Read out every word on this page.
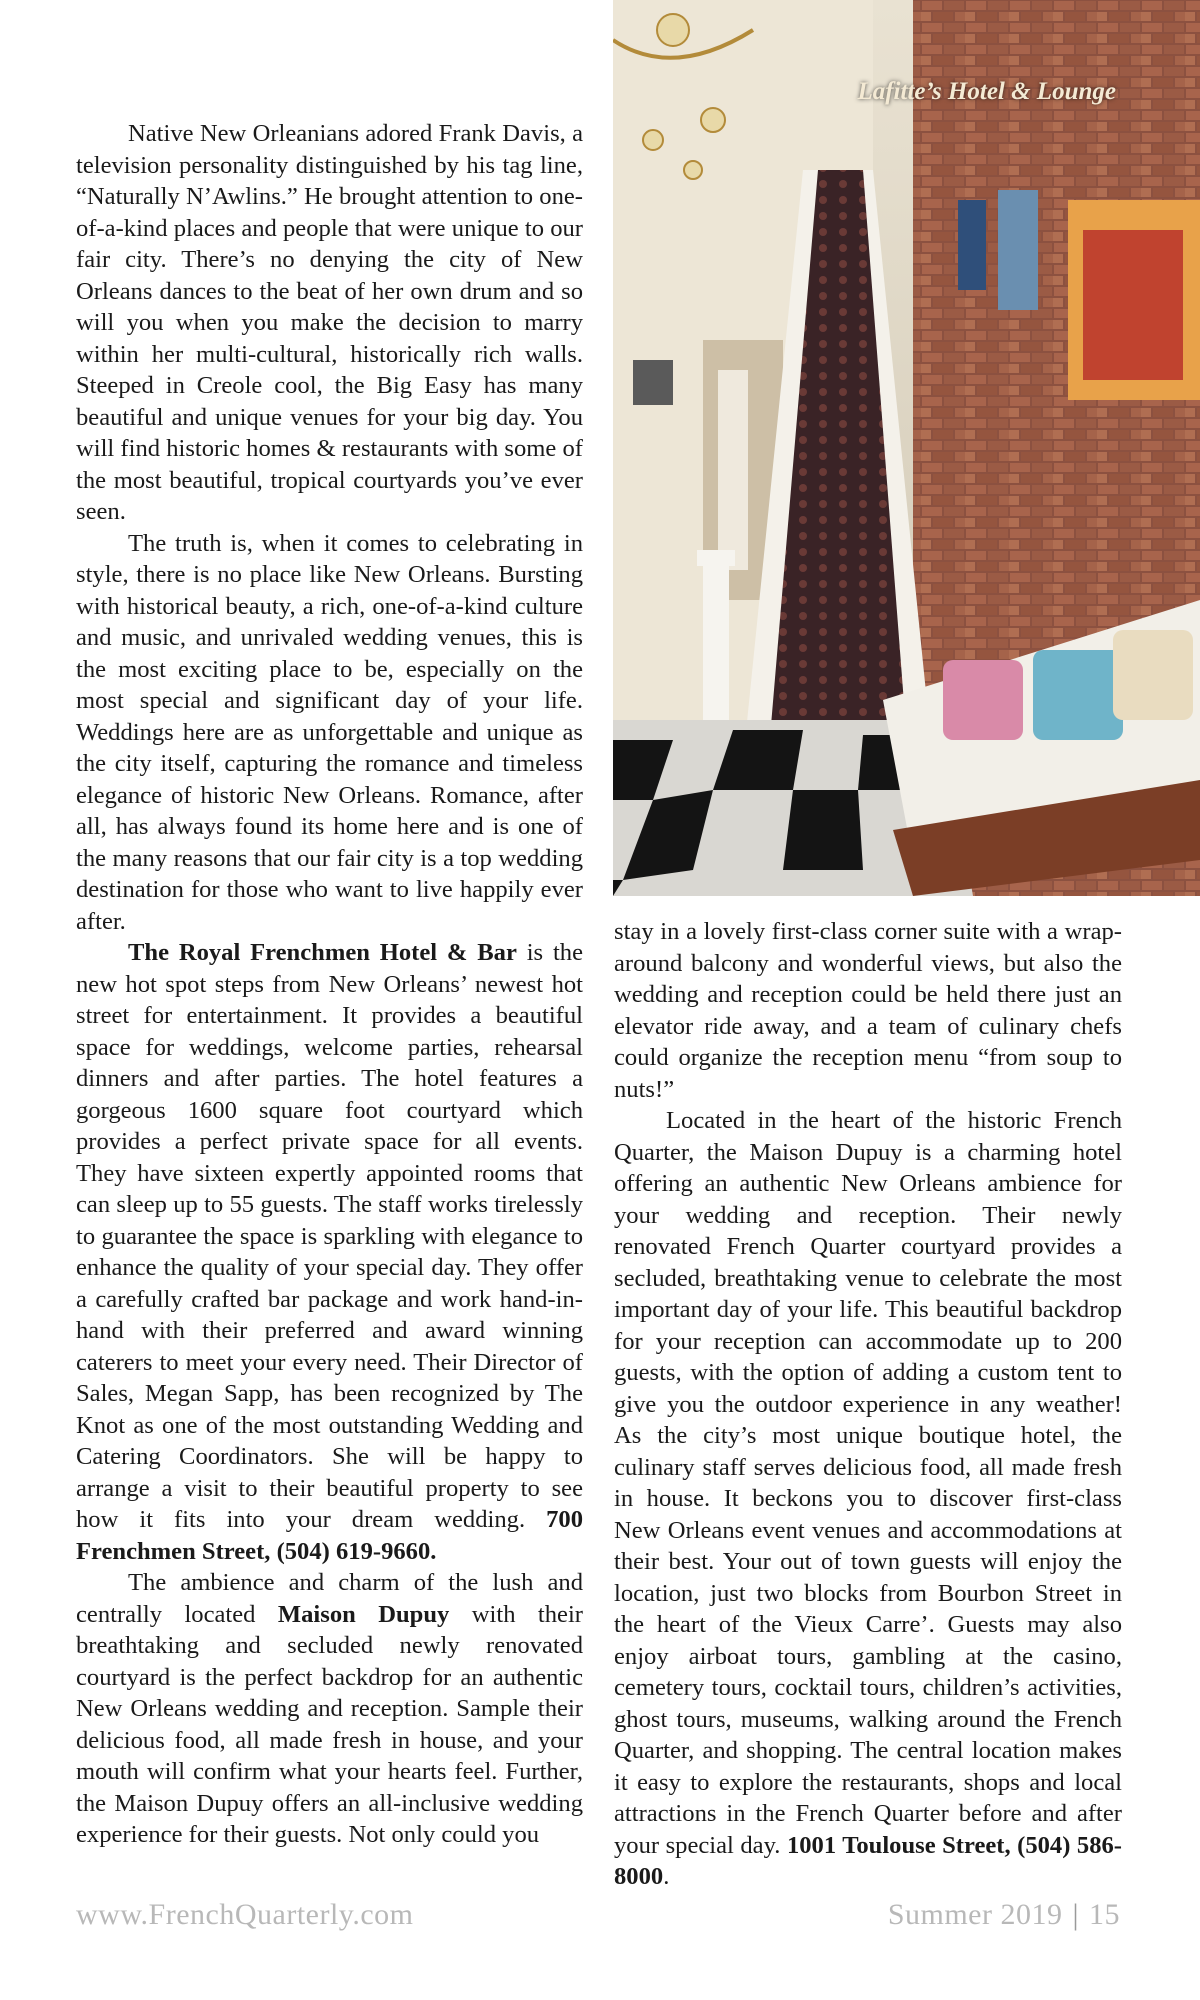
Native New Orleanians adored Frank Davis, a television personality distinguished by his tag line, “Naturally N’Awlins.” He brought attention to one-of-a-kind places and people that were unique to our fair city. There’s no denying the city of New Orleans dances to the beat of her own drum and so will you when you make the decision to marry within her multi-cultural, historically rich walls. Steeped in Creole cool, the Big Easy has many beautiful and unique venues for your big day. You will find historic homes & restaurants with some of the most beautiful, tropical courtyards you’ve ever seen.

The truth is, when it comes to celebrating in style, there is no place like New Orleans. Bursting with historical beauty, a rich, one-of-a-kind culture and music, and unrivaled wedding venues, this is the most exciting place to be, especially on the most special and significant day of your life. Weddings here are as unforgettable and unique as the city itself, capturing the romance and timeless elegance of historic New Orleans. Romance, after all, has always found its home here and is one of the many reasons that our fair city is a top wedding destination for those who want to live happily ever after.

The Royal Frenchmen Hotel & Bar is the new hot spot steps from New Orleans’ newest hot street for entertainment. It provides a beautiful space for weddings, welcome parties, rehearsal dinners and after parties. The hotel features a gorgeous 1600 square foot courtyard which provides a perfect private space for all events. They have sixteen expertly appointed rooms that can sleep up to 55 guests. The staff works tirelessly to guarantee the space is sparkling with elegance to enhance the quality of your special day. They offer a carefully crafted bar package and work hand-in-hand with their preferred and award winning caterers to meet your every need. Their Director of Sales, Megan Sapp, has been recognized by The Knot as one of the most outstanding Wedding and Catering Coordinators. She will be happy to arrange a visit to their beautiful property to see how it fits into your dream wedding. 700 Frenchmen Street, (504) 619-9660.

The ambience and charm of the lush and centrally located Maison Dupuy with their breathtaking and secluded newly renovated courtyard is the perfect backdrop for an authentic New Orleans wedding and reception. Sample their delicious food, all made fresh in house, and your mouth will confirm what your hearts feel. Further, the Maison Dupuy offers an all-inclusive wedding experience for their guests. Not only could you

Lafitte’s Hotel & Lounge

stay in a lovely first-class corner suite with a wrap-around balcony and wonderful views, but also the wedding and reception could be held there just an elevator ride away, and a team of culinary chefs could organize the reception menu “from soup to nuts!”

Located in the heart of the historic French Quarter, the Maison Dupuy is a charming hotel offering an authentic New Orleans ambience for your wedding and reception. Their newly renovated French Quarter courtyard provides a secluded, breathtaking venue to celebrate the most important day of your life. This beautiful backdrop for your reception can accommodate up to 200 guests, with the option of adding a custom tent to give you the outdoor experience in any weather! As the city’s most unique boutique hotel, the culinary staff serves delicious food, all made fresh in house. It beckons you to discover first-class New Orleans event venues and accommodations at their best. Your out of town guests will enjoy the location, just two blocks from Bourbon Street in the heart of the Vieux Carre’. Guests may also enjoy airboat tours, gambling at the casino, cemetery tours, cocktail tours, children’s activities, ghost tours, museums, walking around the French Quarter, and shopping. The central location makes it easy to explore the restaurants, shops and local attractions in the French Quarter before and after your special day. 1001 Toulouse Street, (504) 586-8000.

www.FrenchQuarterly.com	Summer 2019 | 15
